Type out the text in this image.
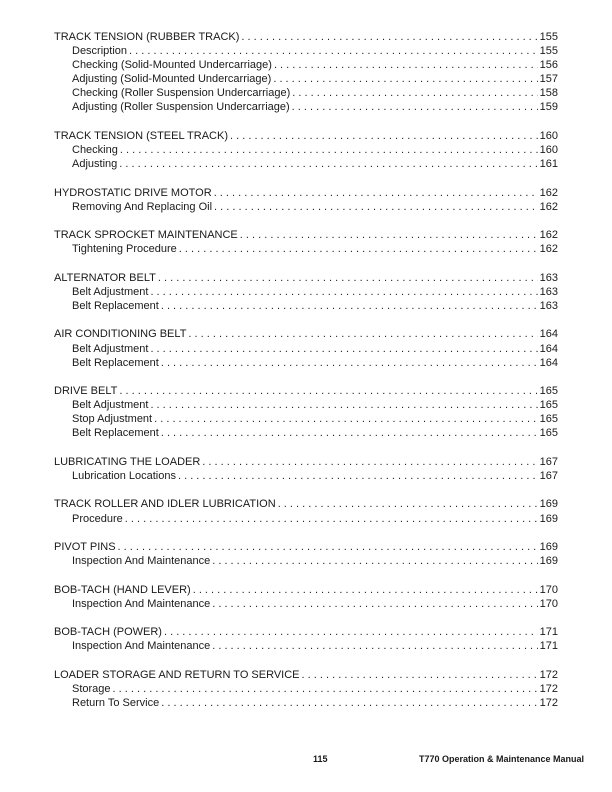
TRACK TENSION (RUBBER TRACK) . . .	155
Description . . .	155
Checking (Solid-Mounted Undercarriage) . . .	156
Adjusting (Solid-Mounted Undercarriage) . . .	157
Checking (Roller Suspension Undercarriage) . . .	158
Adjusting (Roller Suspension Undercarriage) . . .	159
TRACK TENSION (STEEL TRACK) . . .	160
Checking . . .	160
Adjusting . . .	161
HYDROSTATIC DRIVE MOTOR . . .	162
Removing And Replacing Oil . . .	162
TRACK SPROCKET MAINTENANCE . . .	162
Tightening Procedure . . .	162
ALTERNATOR BELT . . .	163
Belt Adjustment . . .	163
Belt Replacement . . .	163
AIR CONDITIONING BELT . . .	164
Belt Adjustment . . .	164
Belt Replacement . . .	164
DRIVE BELT . . .	165
Belt Adjustment . . .	165
Stop Adjustment . . .	165
Belt Replacement . . .	165
LUBRICATING THE LOADER . . .	167
Lubrication Locations . . .	167
TRACK ROLLER AND IDLER LUBRICATION . . .	169
Procedure . . .	169
PIVOT PINS . . .	169
Inspection And Maintenance . . .	169
BOB-TACH (HAND LEVER) . . .	170
Inspection And Maintenance . . .	170
BOB-TACH (POWER) . . .	171
Inspection And Maintenance . . .	171
LOADER STORAGE AND RETURN TO SERVICE . . .	172
Storage . . .	172
Return To Service . . .	172
115	T770 Operation & Maintenance Manual
